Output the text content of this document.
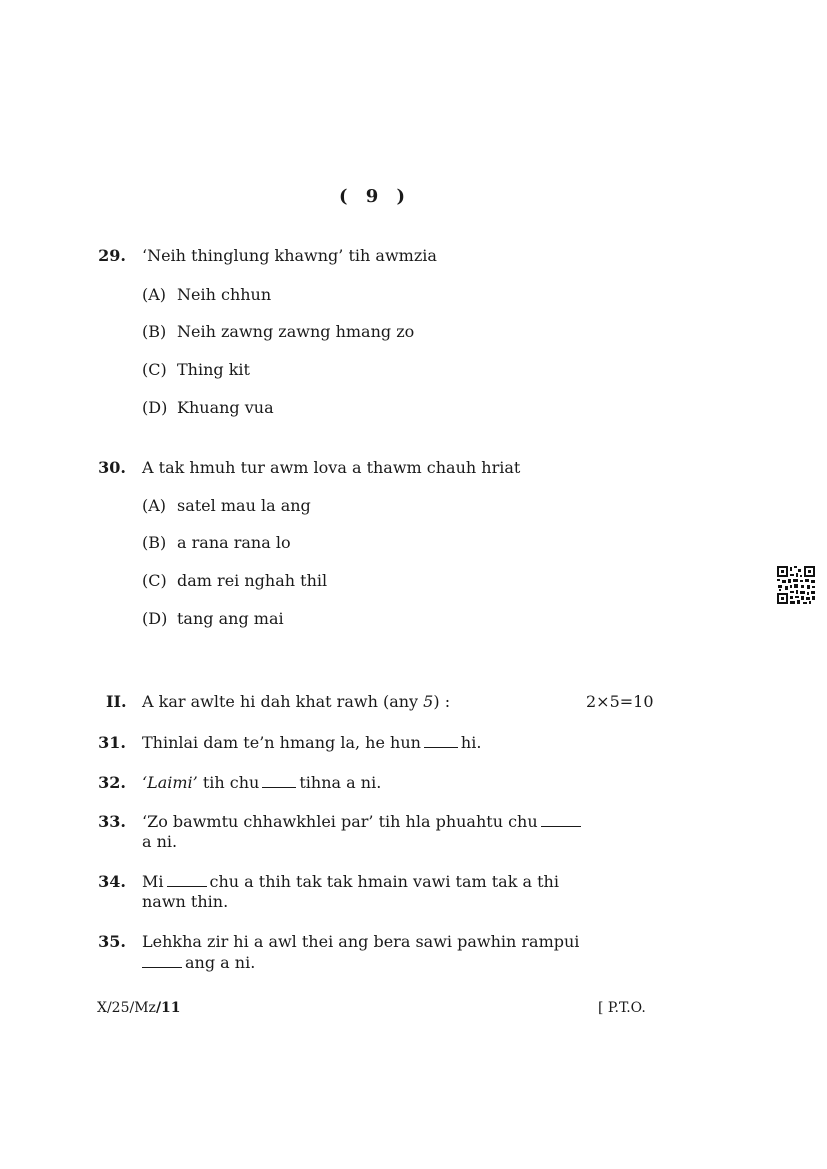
( 9 )
29. ‘Neih thinglung khawng’ tih awmzia
(A) Neih chhun
(B) Neih zawng zawng hmang zo
(C) Thing kit
(D) Khuang vua
30. A tak hmuh tur awm lova a thawm chauh hriat
(A) satel mau la ang
(B) a rana rana lo
(C) dam rei nghah thil
(D) tang ang mai
II. A kar awlte hi dah khat rawh (any 5) :	2×5=10
31. Thinlai dam te’n hmang la, he hun	hi.
32. ‘Laimi’ tih chu	tihna a ni.
33. ‘Zo bawmtu chhawkhlei par’ tih hla phuahtu chu
a ni.
34. Mi	chu a thih tak tak hmain vawi tam tak a thi
nawn thin.
35. Lehkha zir hi a awl thei ang bera sawi pawhin rampui
ang a ni.
X/25/Mz/11	[ P.T.O.
